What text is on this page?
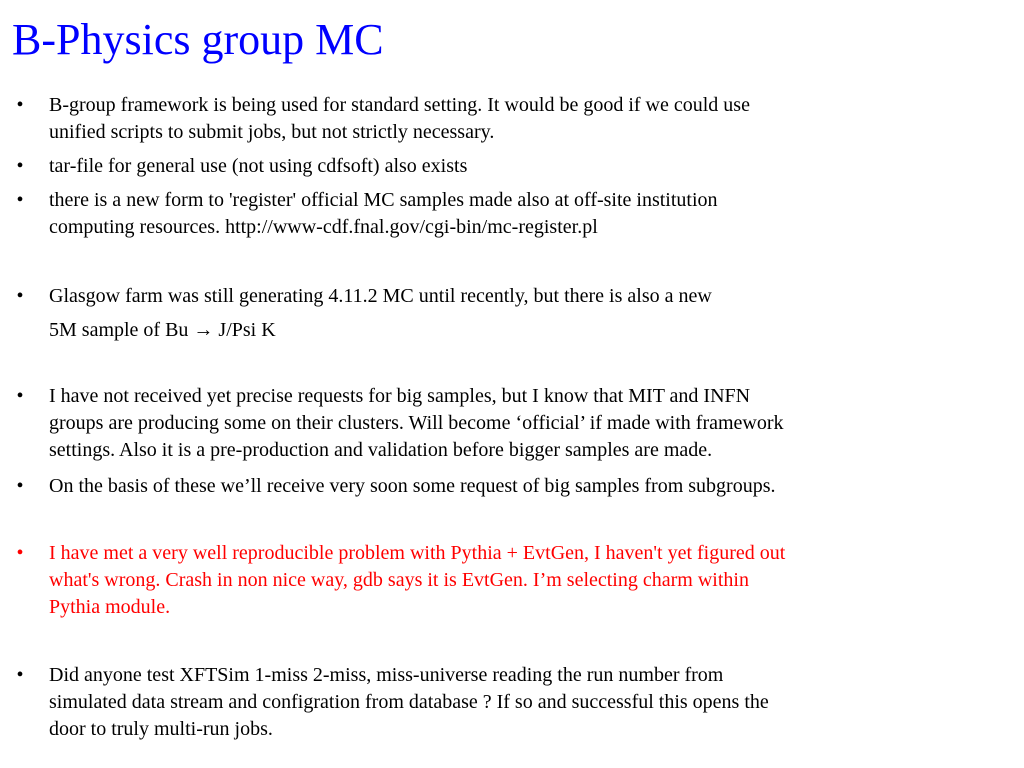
B-Physics group MC
• B-group framework is being used for standard setting. It would be good if we could use
unified scripts to submit jobs, but not strictly necessary.
• tar-file for general use (not using cdfsoft) also exists
• there is a new form to 'register' official MC samples made also at off-site institution
computing resources. http://www-cdf.fnal.gov/cgi-bin/mc-register.pl
• Glasgow farm was still generating 4.11.2 MC until recently, but there is also a new
5M sample of Bu → J/Psi K
• I have not received yet precise requests for big samples, but I know that MIT and INFN
groups are producing some on their clusters. Will become ‘official’ if made with framework
settings. Also it is a pre-production and validation before bigger samples are made.
• On the basis of these we’ll receive very soon some request of big samples from subgroups.
• I have met a very well reproducible problem with Pythia + EvtGen, I haven't yet figured out
what's wrong. Crash in non nice way, gdb says it is EvtGen. I’m selecting charm within
Pythia module.
• Did anyone test XFTSim 1-miss 2-miss, miss-universe reading the run number from
simulated data stream and configration from database ? If so and successful this opens the
door to truly multi-run jobs.
